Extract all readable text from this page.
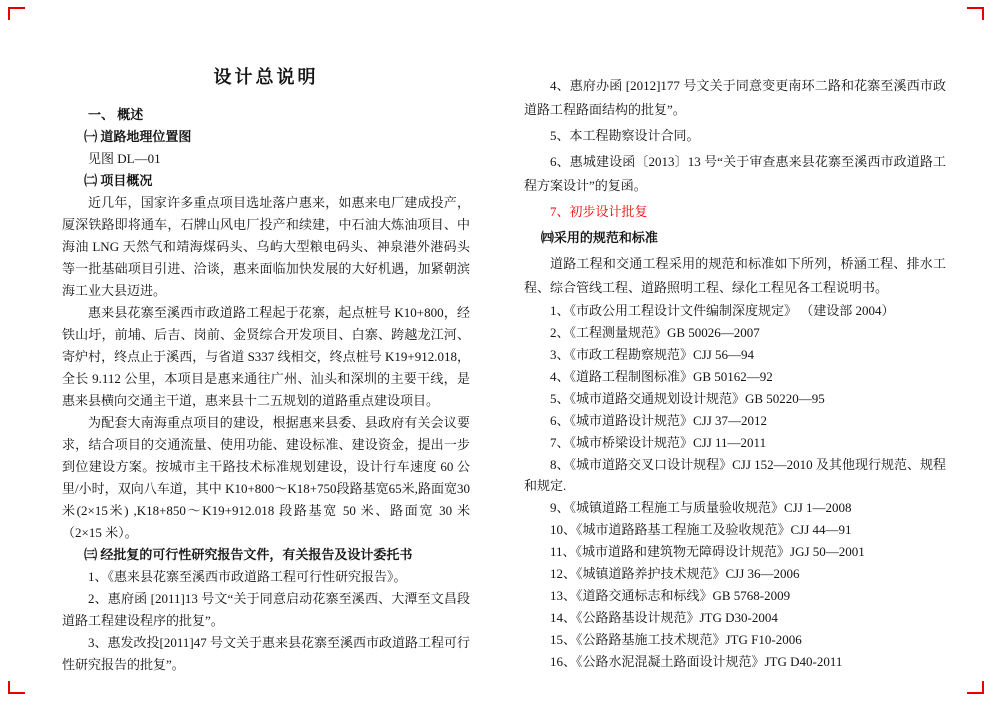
设计总说明
一、 概述
㈠ 道路地理位置图

见图 DL—01

㈡ 项目概况

近几年，国家许多重点项目选址落户惠来，如惠来电厂建成投产，厦深铁路即将通车，石牌山风电厂投产和续建，中石油大炼油项目、中海油 LNG 天然气和靖海煤码头、乌屿大型粮电码头、神泉港外港码头等一批基础项目引进、洽谈，惠来面临加快发展的大好机遇，加紧朝滨海工业大县迈进。

惠来县花寨至溪西市政道路工程起于花寨，起点桩号 K10+800，经铁山圩，前埔、后吉、岗前、金贤综合开发项目、白寨、跨越龙江河、寄炉村，终点止于溪西，与省道 S337 线相交，终点桩号 K19+912.018，全长 9.112 公里，本项目是惠来通往广州、汕头和深圳的主要干线，是惠来县横向交通主干道，惠来县十二五规划的道路重点建设项目。

为配套大南海重点项目的建设，根据惠来县委、县政府有关会议要求，结合项目的交通流量、使用功能、建设标准、建设资金，提出一步到位建设方案。按城市主干路技术标准规划建设，设计行车速度 60 公里/小时，双向八车道，其中 K10+800～K18+750段路基宽65米,路面宽30米(2×15米) ,K18+850～K19+912.018 段路基宽 50 米、路面宽 30 米（2×15 米）。

㈢ 经批复的可行性研究报告文件，有关报告及设计委托书

1、《惠来县花寨至溪西市政道路工程可行性研究报告》。

2、惠府函 [2011]13 号文“关于同意启动花寨至溪西、大潭至文昌段道路工程建设程序的批复”。

3、惠发改投[2011]47 号文关于惠来县花寨至溪西市政道路工程可行性研究报告的批复”。

4、惠府办函 [2012]177 号文关于同意变更南环二路和花寨至溪西市政道路工程路面结构的批复”。

5、本工程勘察设计合同。

6、惠城建设函〔2013〕13 号“关于审查惠来县花寨至溪西市政道路工程方案设计”的复函。

7、初步设计批复

㈣采用的规范和标准

道路工程和交通工程采用的规范和标准如下所列，桥涵工程、排水工程、综合管线工程、道路照明工程、绿化工程见各工程说明书。

1、《市政公用工程设计文件编制深度规定》 （建设部 2004）

2、《工程测量规范》GB 50026—2007

3、《市政工程勘察规范》CJJ 56—94

4、《道路工程制图标准》GB 50162—92

5、《城市道路交通规划设计规范》GB 50220—95

6、《城市道路设计规范》CJJ 37—2012

7、《城市桥梁设计规范》CJJ 11—2011

8、《城市道路交叉口设计规程》CJJ 152—2010 及其他现行规范、规程和规定.

9、《城镇道路工程施工与质量验收规范》CJJ 1—2008

10、《城市道路路基工程施工及验收规范》CJJ 44—91

11、《城市道路和建筑物无障碍设计规范》JGJ 50—2001

12、《城镇道路养护技术规范》CJJ 36—2006

13、《道路交通标志和标线》GB 5768-2009

14、《公路路基设计规范》JTG D30-2004

15、《公路路基施工技术规范》JTG F10-2006

16、《公路水泥混凝土路面设计规范》JTG D40-2011
